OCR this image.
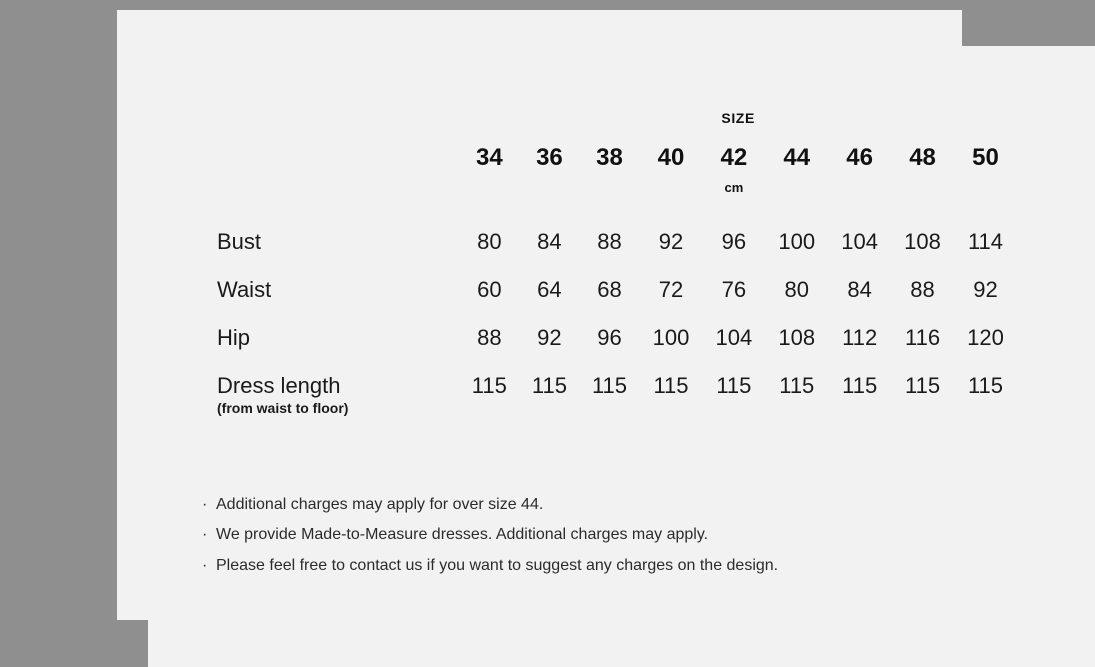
	SIZE								
	34	36	38	40	42	44	46	48	50
					cm				
Bust	80	84	88	92	96	100	104	108	114
Waist	60	64	68	72	76	80	84	88	92
Hip	88	92	96	100	104	108	112	116	120
Dress length
(from waist to floor)	115	115	115	115	115	115	115	115	115
· Additional charges may apply for over size 44.
· We provide Made-to-Measure dresses. Additional charges may apply.
· Please feel free to contact us if you want to suggest any charges on the design.
